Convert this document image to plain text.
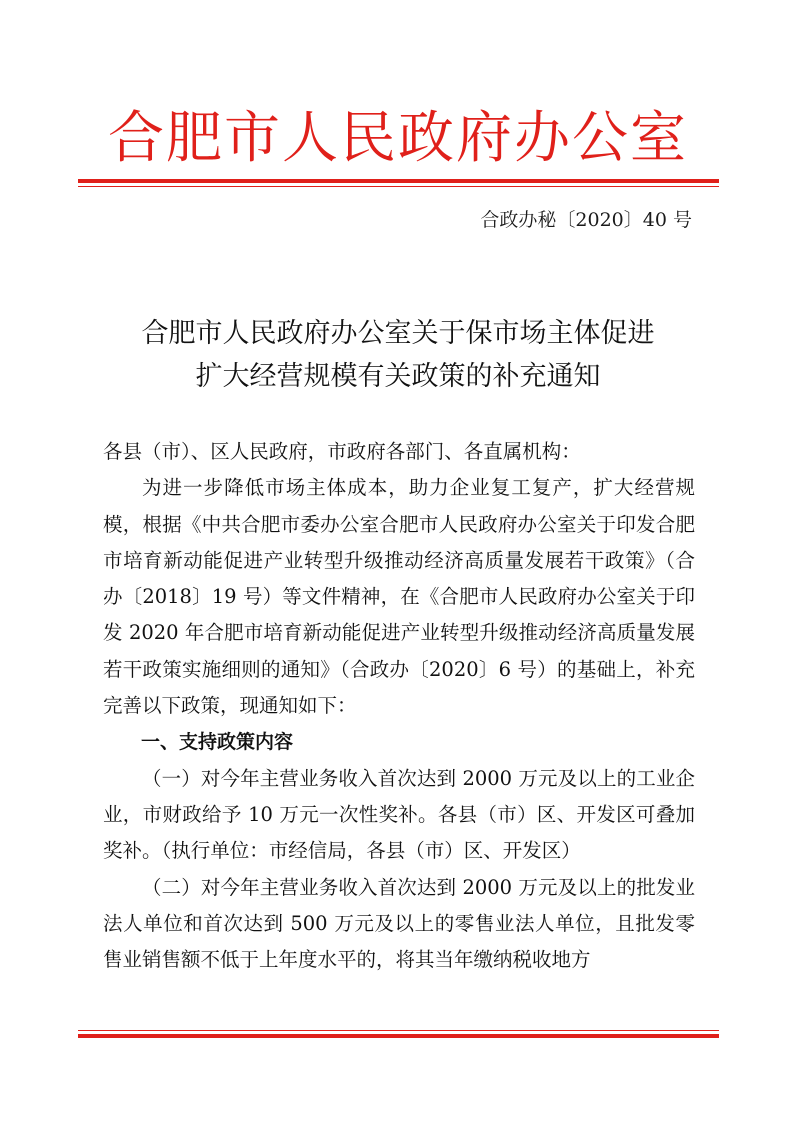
合肥市人民政府办公室
合政办秘〔2020〕40 号
合肥市人民政府办公室关于保市场主体促进
扩大经营规模有关政策的补充通知

各县（市）、区人民政府，市政府各部门、各直属机构：

为进一步降低市场主体成本，助力企业复工复产，扩大经营规模，根据《中共合肥市委办公室合肥市人民政府办公室关于印发合肥市培育新动能促进产业转型升级推动经济高质量发展若干政策》（合办〔2018〕19 号）等文件精神，在《合肥市人民政府办公室关于印发 2020 年合肥市培育新动能促进产业转型升级推动经济高质量发展若干政策实施细则的通知》（合政办〔2020〕6 号）的基础上，补充完善以下政策，现通知如下：

一、支持政策内容

（一）对今年主营业务收入首次达到 2000 万元及以上的工业企业，市财政给予 10 万元一次性奖补。各县（市）区、开发区可叠加奖补。（执行单位：市经信局，各县（市）区、开发区）

（二）对今年主营业务收入首次达到 2000 万元及以上的批发业法人单位和首次达到 500 万元及以上的零售业法人单位，且批发零售业销售额不低于上年度水平的，将其当年缴纳税收地方
